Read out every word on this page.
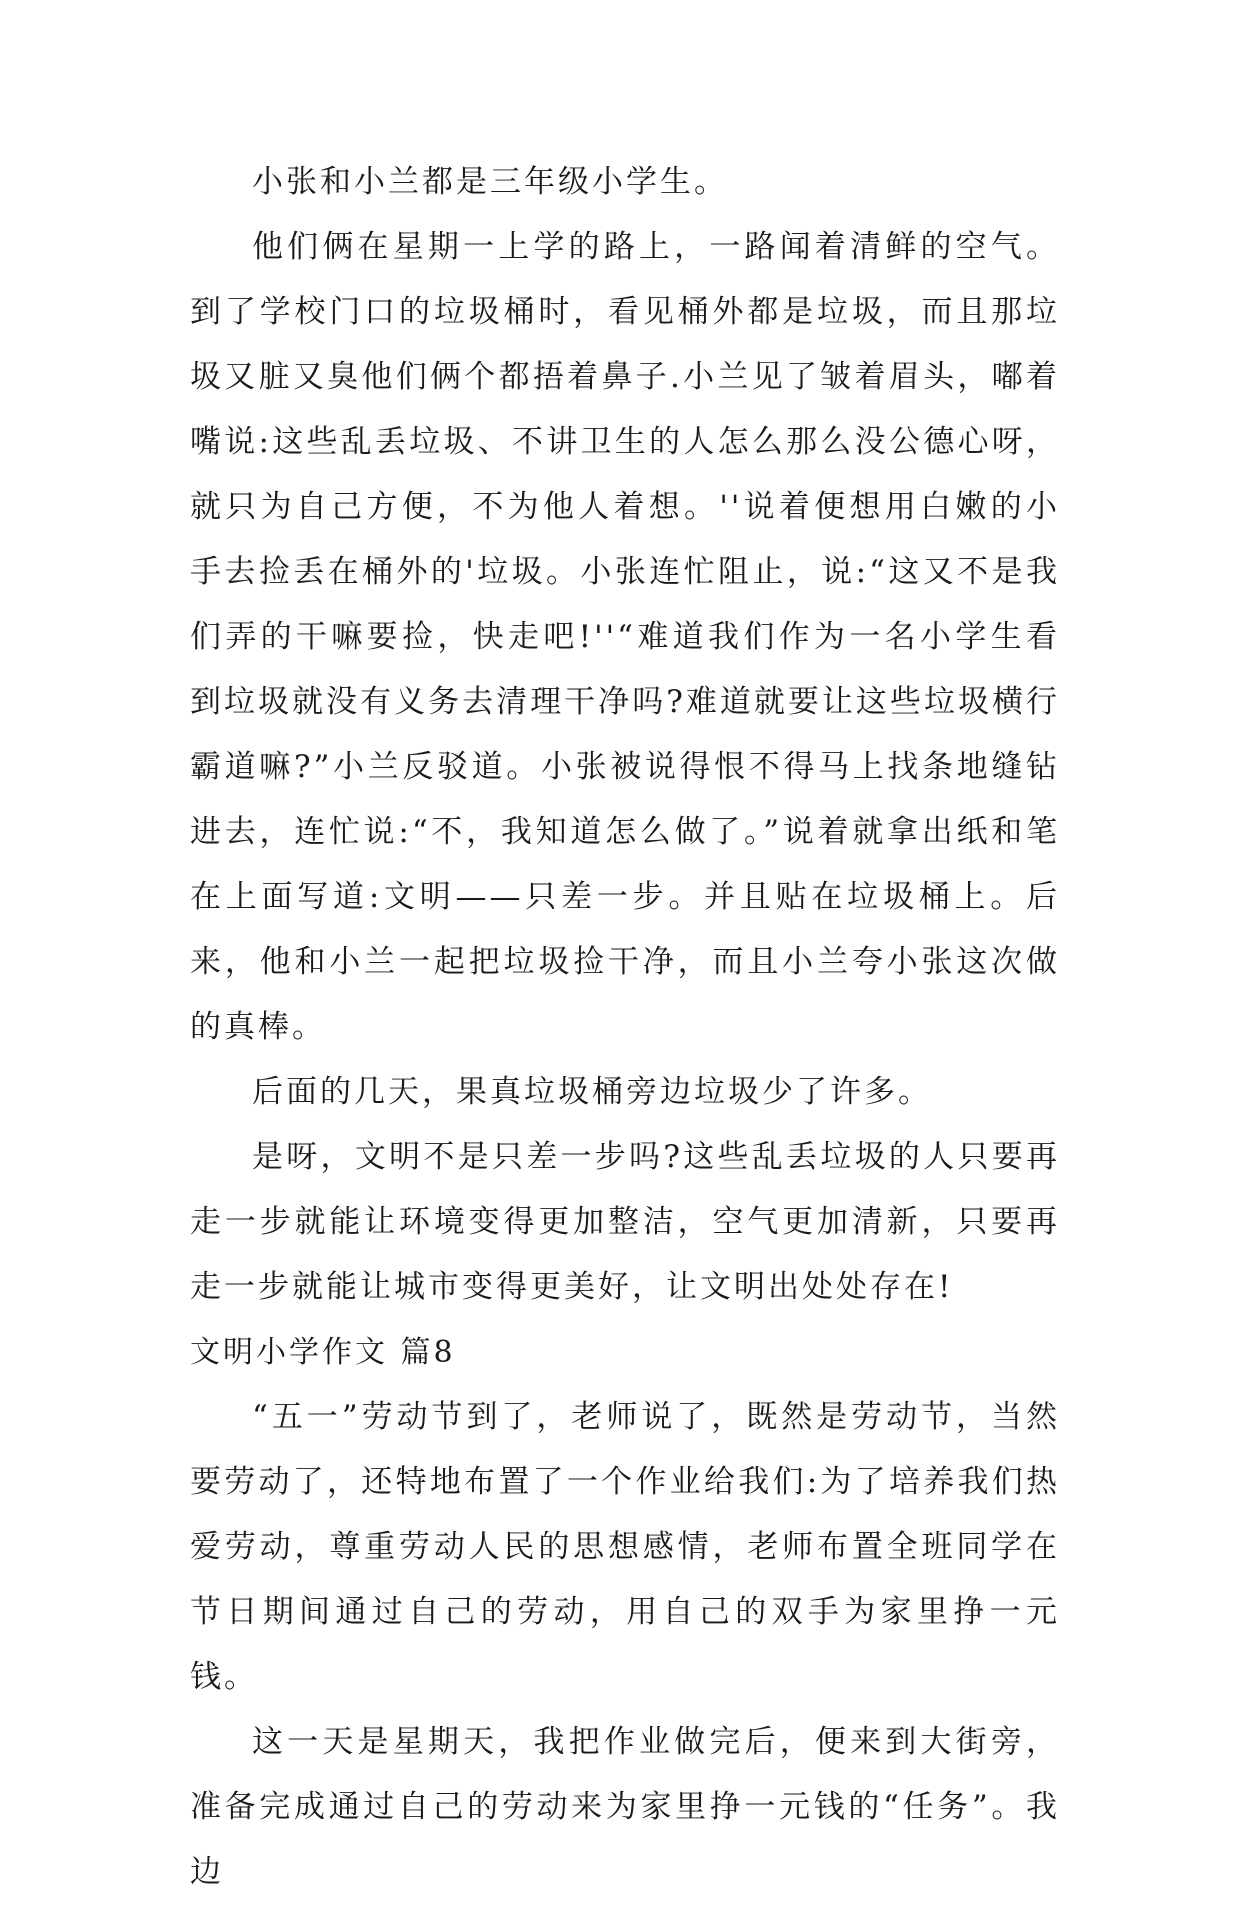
小张和小兰都是三年级小学生。

他们俩在星期一上学的路上，一路闻着清鲜的空气。到了学校门口的垃圾桶时，看见桶外都是垃圾，而且那垃圾又脏又臭他们俩个都捂着鼻子.小兰见了皱着眉头，嘟着嘴说:这些乱丢垃圾、不讲卫生的人怎么那么没公德心呀，就只为自己方便，不为他人着想。''说着便想用白嫩的小手去捡丢在桶外的'垃圾。小张连忙阻止，说:“这又不是我们弄的干嘛要捡，快走吧!''“难道我们作为一名小学生看到垃圾就没有义务去清理干净吗?难道就要让这些垃圾横行霸道嘛?”小兰反驳道。小张被说得恨不得马上找条地缝钻进去，连忙说:“不，我知道怎么做了。”说着就拿出纸和笔在上面写道:文明——只差一步。并且贴在垃圾桶上。后来，他和小兰一起把垃圾捡干净，而且小兰夸小张这次做的真棒。

后面的几天，果真垃圾桶旁边垃圾少了许多。

是呀，文明不是只差一步吗?这些乱丢垃圾的人只要再走一步就能让环境变得更加整洁，空气更加清新，只要再走一步就能让城市变得更美好，让文明出处处存在!

文明小学作文 篇8

“五一”劳动节到了，老师说了，既然是劳动节，当然要劳动了，还特地布置了一个作业给我们:为了培养我们热爱劳动，尊重劳动人民的思想感情，老师布置全班同学在节日期间通过自己的劳动，用自己的双手为家里挣一元钱。

这一天是星期天，我把作业做完后，便来到大街旁，准备完成通过自己的劳动来为家里挣一元钱的“任务”。我边
